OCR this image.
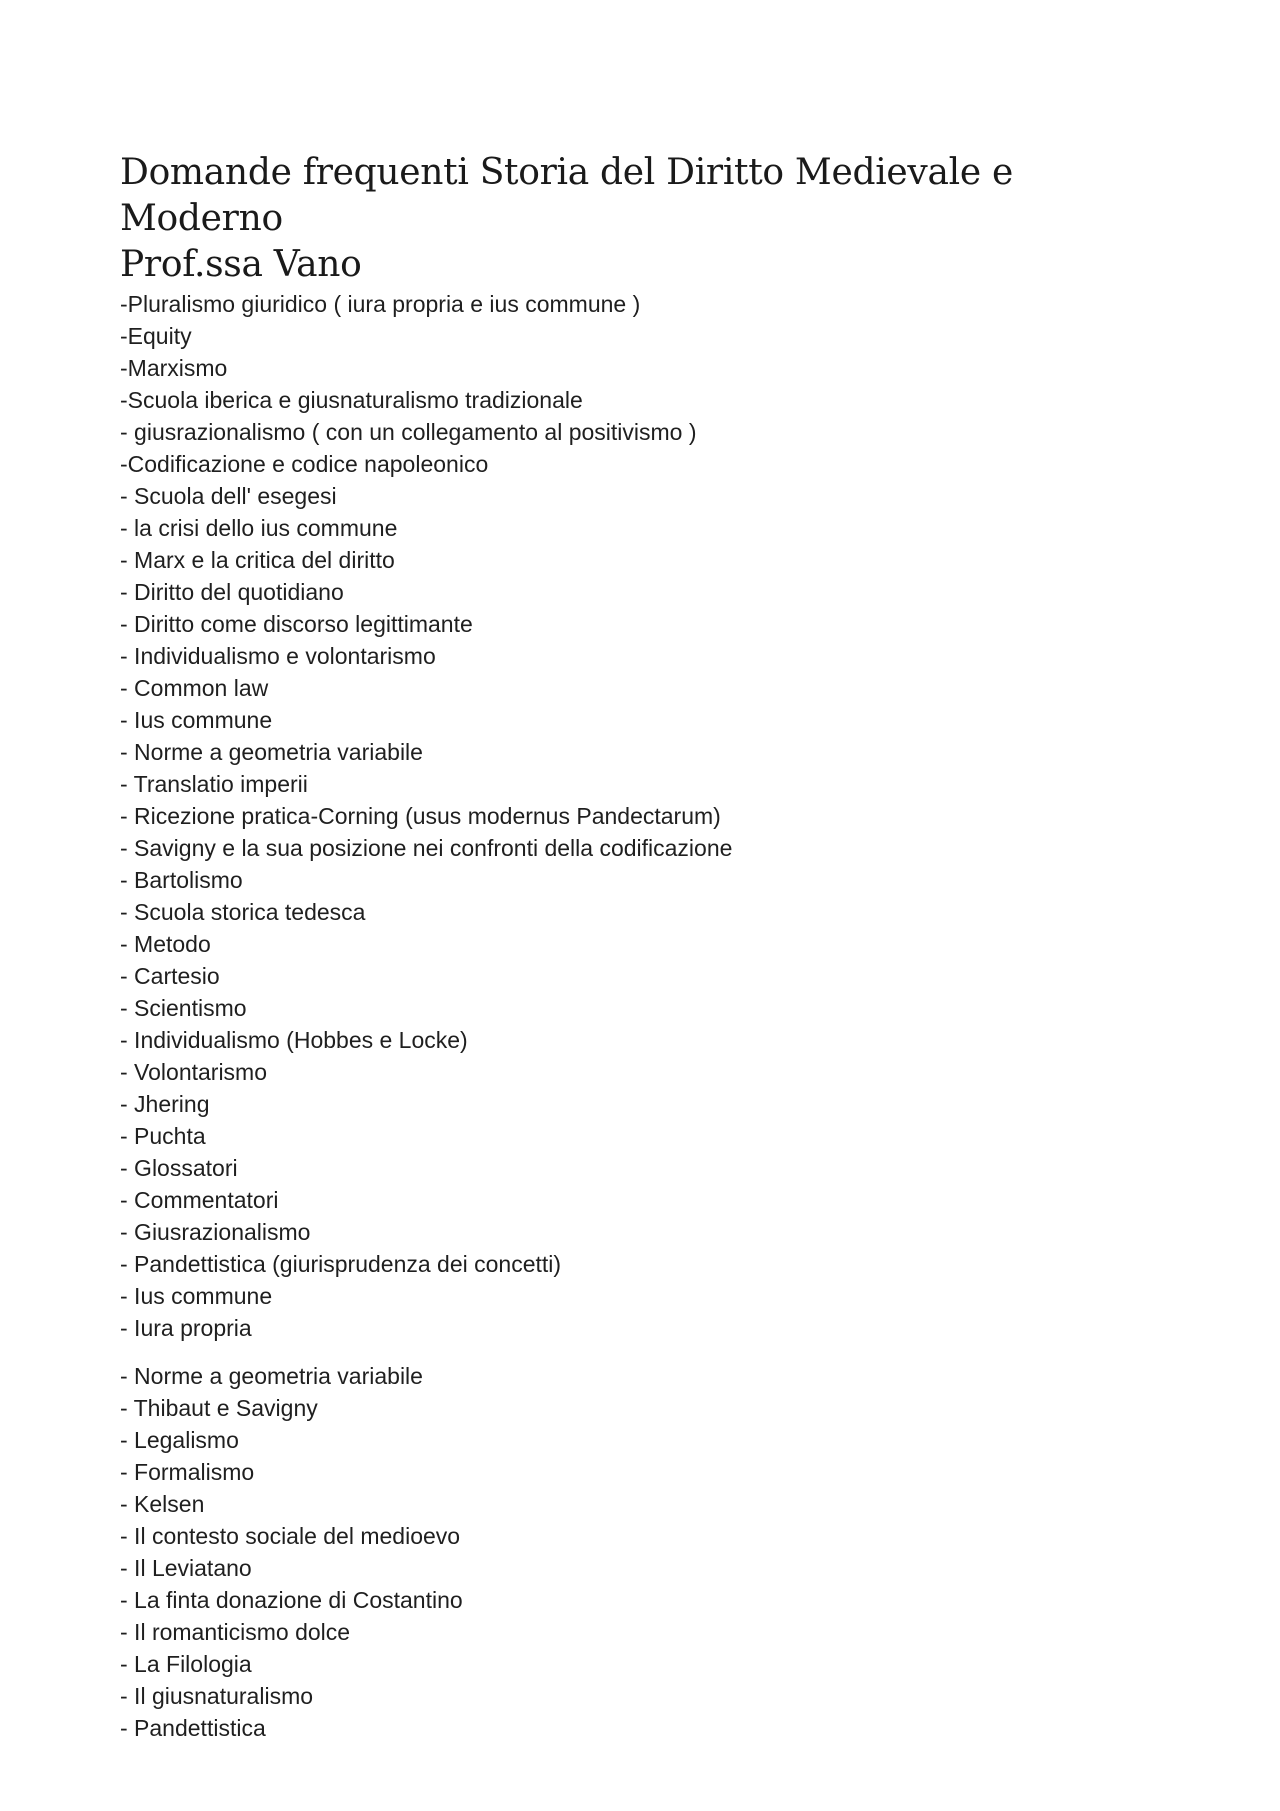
Domande frequenti Storia del Diritto Medievale e Moderno
Prof.ssa Vano
-Pluralismo giuridico ( iura propria e ius commune )
-Equity
-Marxismo
-Scuola iberica e giusnaturalismo tradizionale
- giusrazionalismo ( con un collegamento al positivismo )
-Codificazione e codice napoleonico
- Scuola dell' esegesi
- la crisi dello ius commune
- Marx e la critica del diritto
- Diritto del quotidiano
- Diritto come discorso legittimante
- Individualismo e volontarismo
- Common law
- Ius commune
- Norme a geometria variabile
- Translatio imperii
- Ricezione pratica-Corning (usus modernus Pandectarum)
- Savigny e la sua posizione nei confronti della codificazione
- Bartolismo
- Scuola storica tedesca
- Metodo
- Cartesio
- Scientismo
- Individualismo (Hobbes e Locke)
- Volontarismo
- Jhering
- Puchta
- Glossatori
- Commentatori
- Giusrazionalismo
- Pandettistica (giurisprudenza dei concetti)
- Ius commune
- Iura propria
- Norme a geometria variabile
- Thibaut e Savigny
- Legalismo
- Formalismo
- Kelsen
- Il contesto sociale del medioevo
- Il Leviatano
- La finta donazione di Costantino
- Il romanticismo dolce
- La Filologia
- Il giusnaturalismo
- Pandettistica
